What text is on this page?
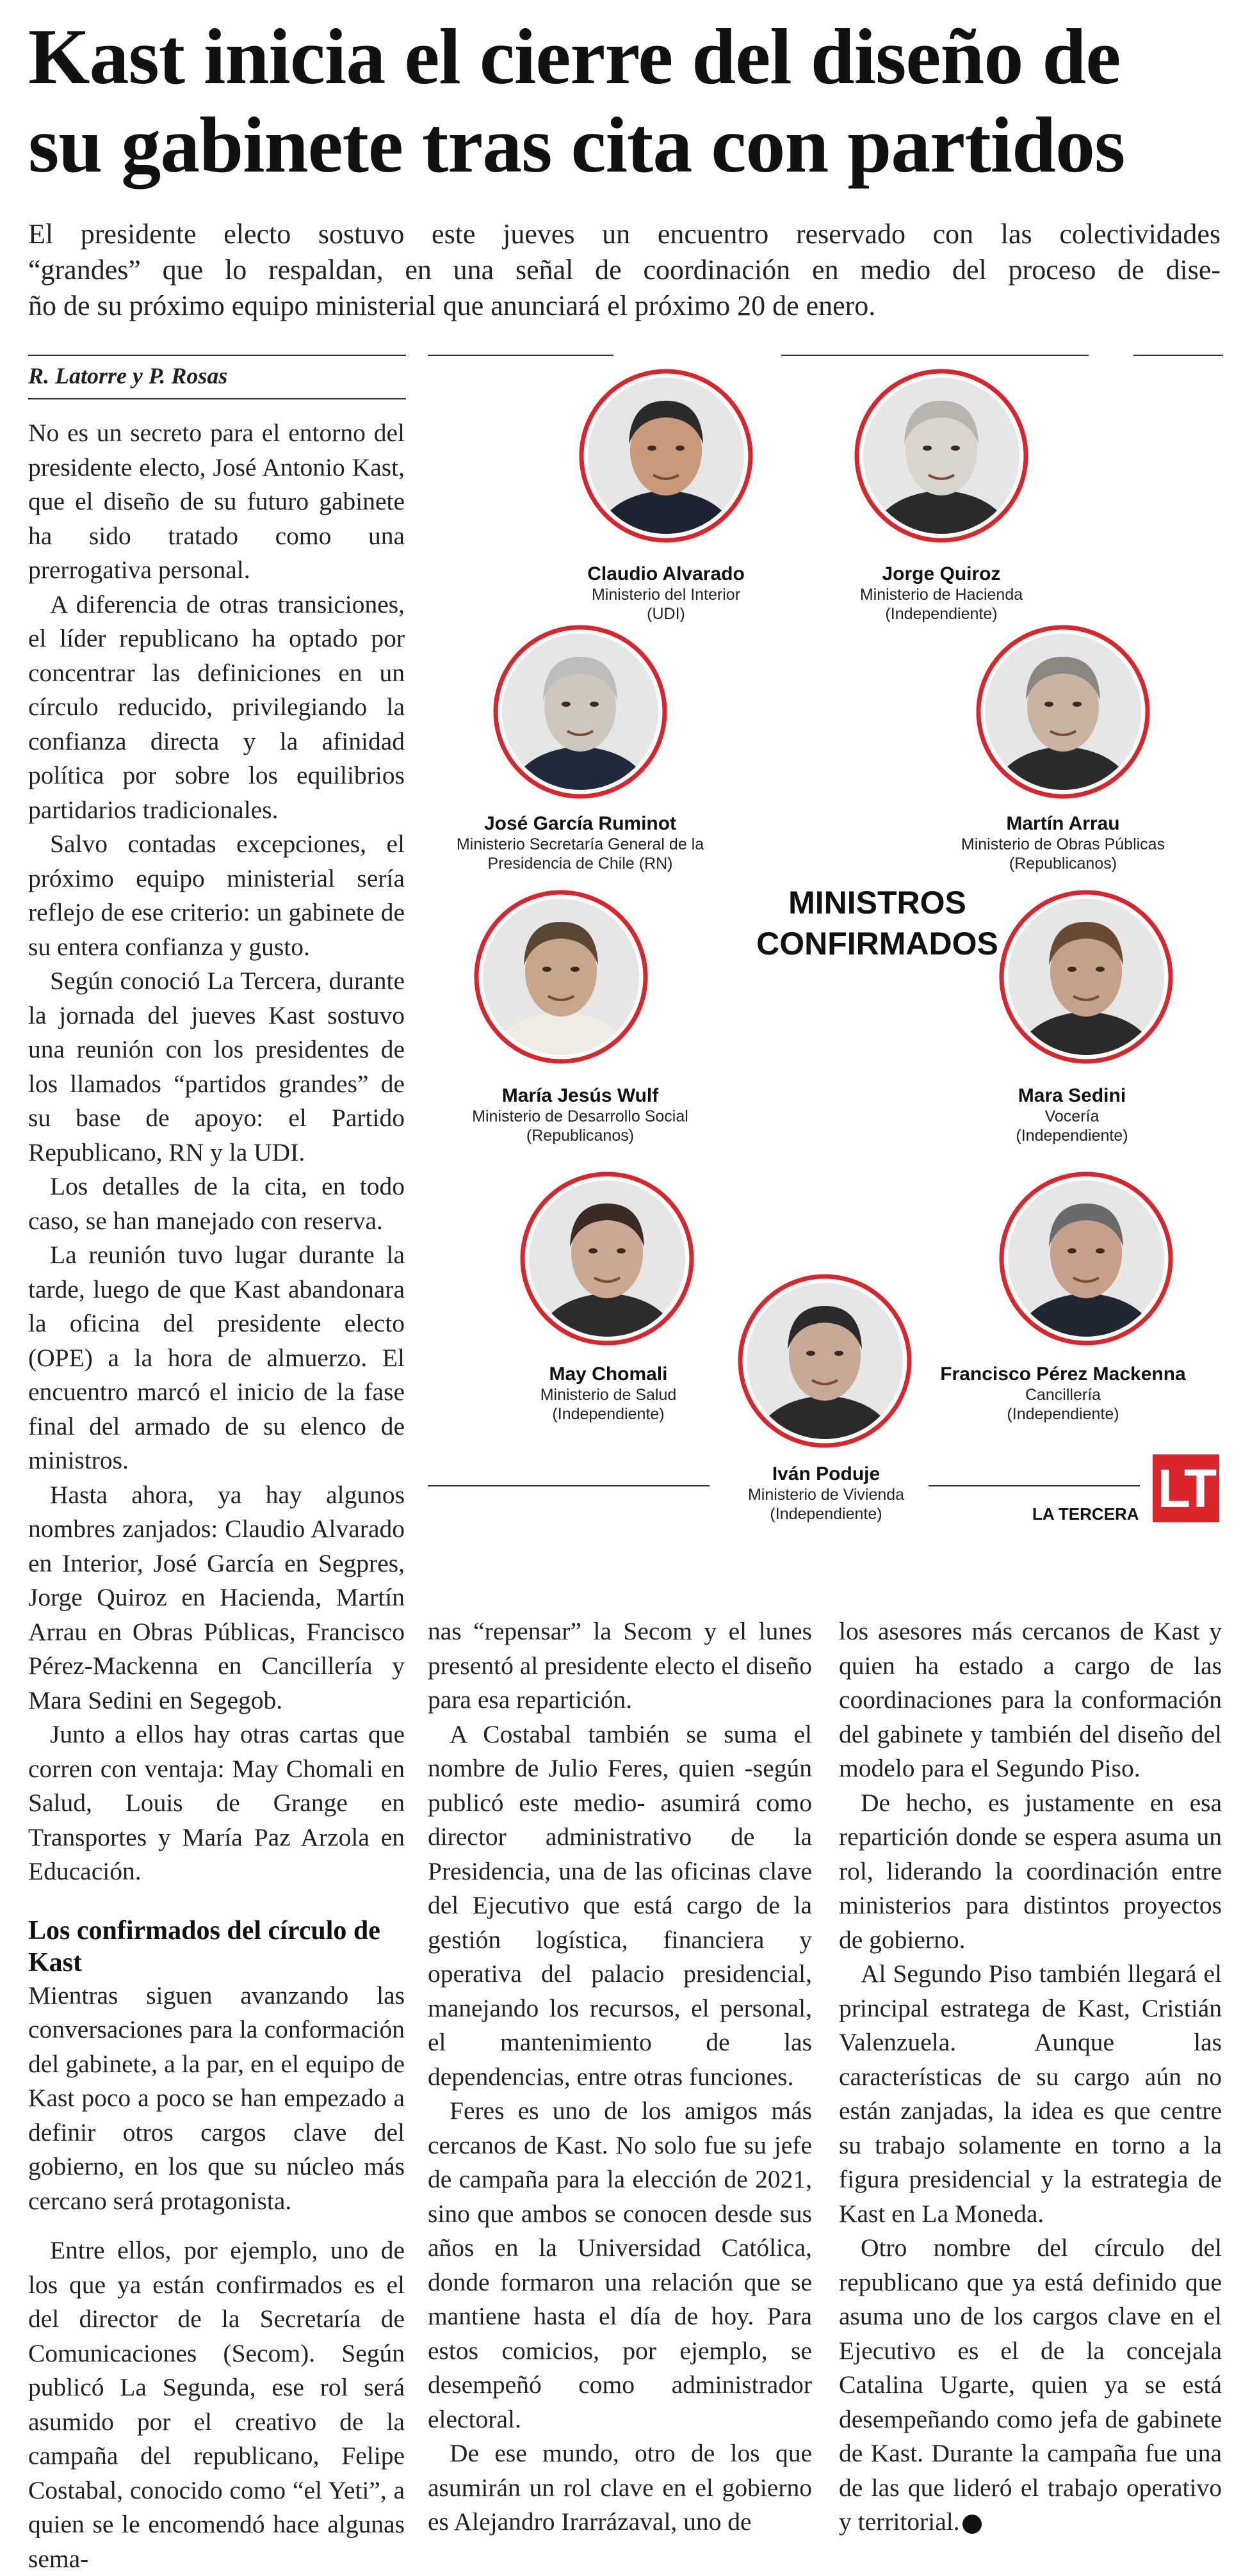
Kast inicia el cierre del diseño de
su gabinete tras cita con partidos
El presidente electo sostuvo este jueves un encuentro reservado con las colectividades
“grandes” que lo respaldan, en una señal de coordinación en medio del proceso de dise-
ño de su próximo equipo ministerial que anunciará el próximo 20 de enero.
R. Latorre y P. Rosas

No es un secreto para el entorno del presidente electo, José Antonio Kast, que el diseño de su futuro gabinete ha sido tratado como una prerrogativa personal.

A diferencia de otras transiciones, el líder republicano ha optado por concentrar las definiciones en un círculo reducido, privilegiando la confianza directa y la afinidad política por sobre los equilibrios partidarios tradicionales.

Salvo contadas excepciones, el próximo equipo ministerial sería reflejo de ese criterio: un gabinete de su entera confianza y gusto.

Según conoció La Tercera, durante la jornada del jueves Kast sostuvo una reunión con los presidentes de los llamados “partidos grandes” de su base de apoyo: el Partido Republicano, RN y la UDI.

Los detalles de la cita, en todo caso, se han manejado con reserva.

La reunión tuvo lugar durante la tarde, luego de que Kast abandonara la oficina del presidente electo (OPE) a la hora de almuerzo. El encuentro marcó el inicio de la fase final del armado de su elenco de ministros.

Hasta ahora, ya hay algunos nombres zanjados: Claudio Alvarado en Interior, José García en Segpres, Jorge Quiroz en Hacienda, Martín Arrau en Obras Públicas, Francisco Pérez-Mackenna en Cancillería y Mara Sedini en Segegob.

Junto a ellos hay otras cartas que corren con ventaja: May Chomali en Salud, Louis de Grange en Transportes y María Paz Arzola en Educación.

Los confirmados del círculo de Kast

Mientras siguen avanzando las conversaciones para la conformación del gabinete, a la par, en el equipo de Kast poco a poco se han empezado a definir otros cargos clave del gobierno, en los que su núcleo más cercano será protagonista.

Entre ellos, por ejemplo, uno de los que ya están confirmados es el del director de la Secretaría de Comunicaciones (Secom). Según publicó La Segunda, ese rol será asumido por el creativo de la campaña del republicano, Felipe Costabal, conocido como “el Yeti”, a quien se le encomendó hace algunas sema-

nas “repensar” la Secom y el lunes presentó al presidente electo el diseño para esa repartición.

A Costabal también se suma el nombre de Julio Feres, quien -según publicó este medio- asumirá como director administrativo de la Presidencia, una de las oficinas clave del Ejecutivo que está cargo de la gestión logística, financiera y operativa del palacio presidencial, manejando los recursos, el personal, el mantenimiento de las dependencias, entre otras funciones.

Feres es uno de los amigos más cercanos de Kast. No solo fue su jefe de campaña para la elección de 2021, sino que ambos se conocen desde sus años en la Universidad Católica, donde formaron una relación que se mantiene hasta el día de hoy. Para estos comicios, por ejemplo, se desempeñó como administrador electoral.

De ese mundo, otro de los que asumirán un rol clave en el gobierno es Alejandro Irarrázaval, uno de

los asesores más cercanos de Kast y quien ha estado a cargo de las coordinaciones para la conformación del gabinete y también del diseño del modelo para el Segundo Piso.

De hecho, es justamente en esa repartición donde se espera asuma un rol, liderando la coordinación entre ministerios para distintos proyectos de gobierno.

Al Segundo Piso también llegará el principal estratega de Kast, Cristián Valenzuela. Aunque las características de su cargo aún no están zanjadas, la idea es que centre su trabajo solamente en torno a la figura presidencial y la estrategia de Kast en La Moneda.

Otro nombre del círculo del republicano que ya está definido que asuma uno de los cargos clave en el Ejecutivo es el de la concejala Catalina Ugarte, quien ya se está desempeñando como jefa de gabinete de Kast. Durante la campaña fue una de las que lideró el trabajo operativo y territorial.

MINISTROS
CONFIRMADOS
Claudio Alvarado
Ministerio del Interior
(UDI)
Jorge Quiroz
Ministerio de Hacienda
(Independiente)
José García Ruminot
Ministerio Secretaría General de la
Presidencia de Chile (RN)
Martín Arrau
Ministerio de Obras Públicas
(Republicanos)
María Jesús Wulf
Ministerio de Desarrollo Social
(Republicanos)
Mara Sedini
Vocería
(Independiente)
May Chomali
Ministerio de Salud
(Independiente)
Francisco Pérez Mackenna
Cancillería
(Independiente)
Iván Poduje
Ministerio de Vivienda
(Independiente)	LA TERCERA LT
